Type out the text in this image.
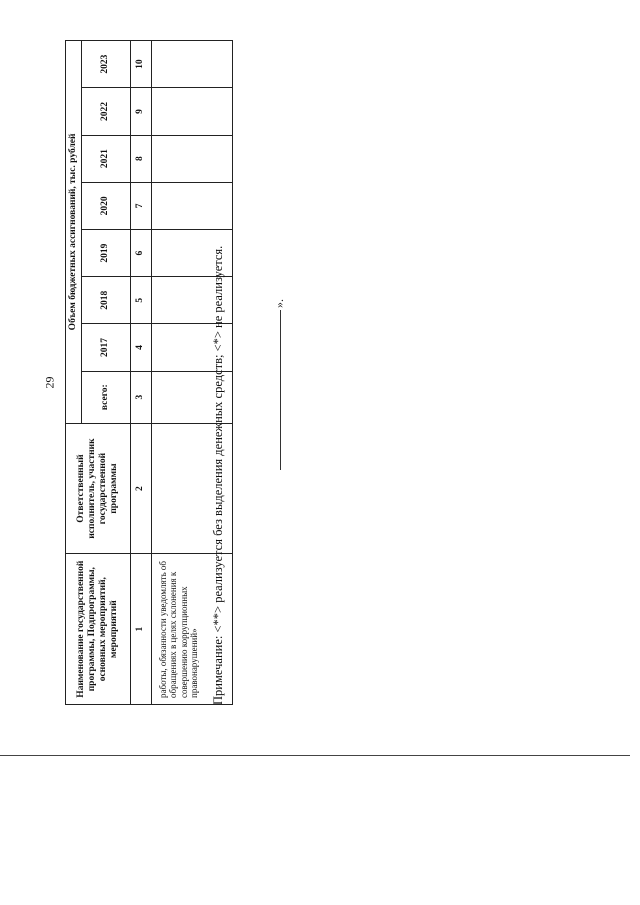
29
Наименование государственной программы, Подпрограммы, основных мероприятий, мероприятий	Ответственный исполнитель, участник государственной программы	Объем бюджетных ассигнований, тыс. рублей							
		всего:	2017	2018	2019	2020	2021	2022	2023
1	2	3	4	5	6	7	8	9	10
работы, обязанности уведомлять об обращениях в целях склонения к совершению коррупционных правонарушений»									Примечание: <**> реализуется без выделения денежных средств; <*> не реализуется.	».
